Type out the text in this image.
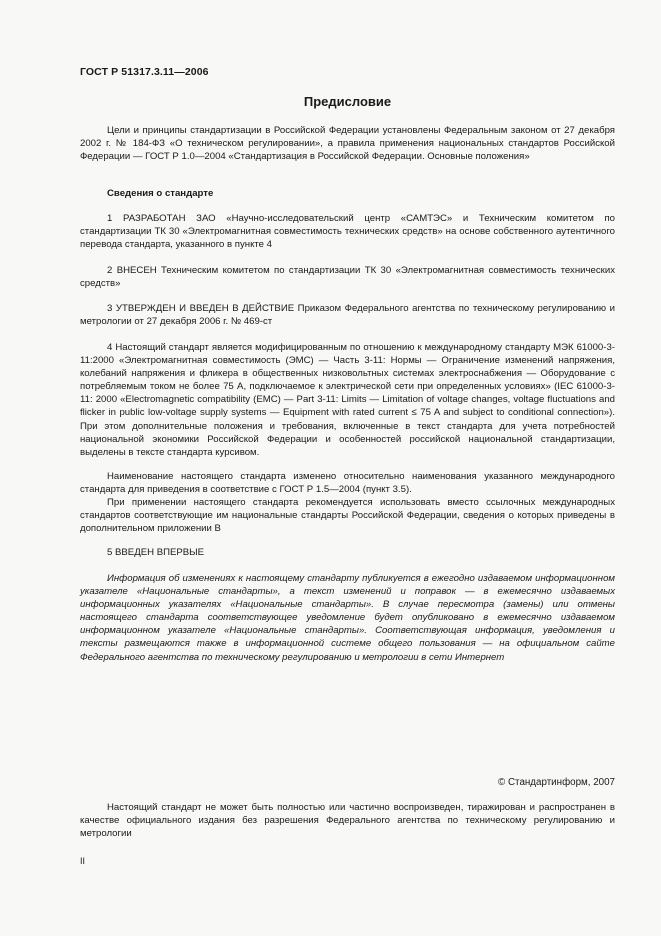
ГОСТ Р 51317.3.11—2006
Предисловие

Цели и принципы стандартизации в Российской Федерации установлены Федеральным законом от 27 декабря 2002 г. № 184-ФЗ «О техническом регулировании», а правила применения национальных стандартов Российской Федерации — ГОСТ Р 1.0—2004 «Стандартизация в Российской Федерации. Основные положения»

Сведения о стандарте

1 РАЗРАБОТАН ЗАО «Научно-исследовательский центр «САМТЭС» и Техническим комитетом по стандартизации ТК 30 «Электромагнитная совместимость технических средств» на основе собственного аутентичного перевода стандарта, указанного в пункте 4

2 ВНЕСЕН Техническим комитетом по стандартизации ТК 30 «Электромагнитная совместимость технических средств»

3 УТВЕРЖДЕН И ВВЕДЕН В ДЕЙСТВИЕ Приказом Федерального агентства по техническому регулированию и метрологии от 27 декабря 2006 г. № 469-ст

4 Настоящий стандарт является модифицированным по отношению к международному стандарту МЭК 61000-3-11:2000 «Электромагнитная совместимость (ЭМС) — Часть 3-11: Нормы — Ограничение изменений напряжения, колебаний напряжения и фликера в общественных низковольтных системах электроснабжения — Оборудование с потребляемым током не более 75 А, подключаемое к электрической сети при определенных условиях» (IEC 61000-3-11: 2000 «Electromagnetic compatibility (EMC) — Part 3-11: Limits — Limitation of voltage changes, voltage fluctuations and flicker in public low-voltage supply systems — Equipment with rated current ≤ 75 A and subject to conditional connection»). При этом дополнительные положения и требования, включенные в текст стандарта для учета потребностей национальной экономики Российской Федерации и особенностей российской национальной стандартизации, выделены в тексте стандарта курсивом.

Наименование настоящего стандарта изменено относительно наименования указанного международного стандарта для приведения в соответствие с ГОСТ Р 1.5—2004 (пункт 3.5).

При применении настоящего стандарта рекомендуется использовать вместо ссылочных международных стандартов соответствующие им национальные стандарты Российской Федерации, сведения о которых приведены в дополнительном приложении В

5 ВВЕДЕН ВПЕРВЫЕ

Информация об изменениях к настоящему стандарту публикуется в ежегодно издаваемом информационном указателе «Национальные стандарты», а текст изменений и поправок — в ежемесячно издаваемых информационных указателях «Национальные стандарты». В случае пересмотра (замены) или отмены настоящего стандарта соответствующее уведомление будет опубликовано в ежемесячно издаваемом информационном указателе «Национальные стандарты». Соответствующая информация, уведомления и тексты размещаются также в информационной системе общего пользования — на официальном сайте Федерального агентства по техническому регулированию и метрологии в сети Интернет

© Стандартинформ, 2007

Настоящий стандарт не может быть полностью или частично воспроизведен, тиражирован и распространен в качестве официального издания без разрешения Федерального агентства по техническому регулированию и метрологии

II
